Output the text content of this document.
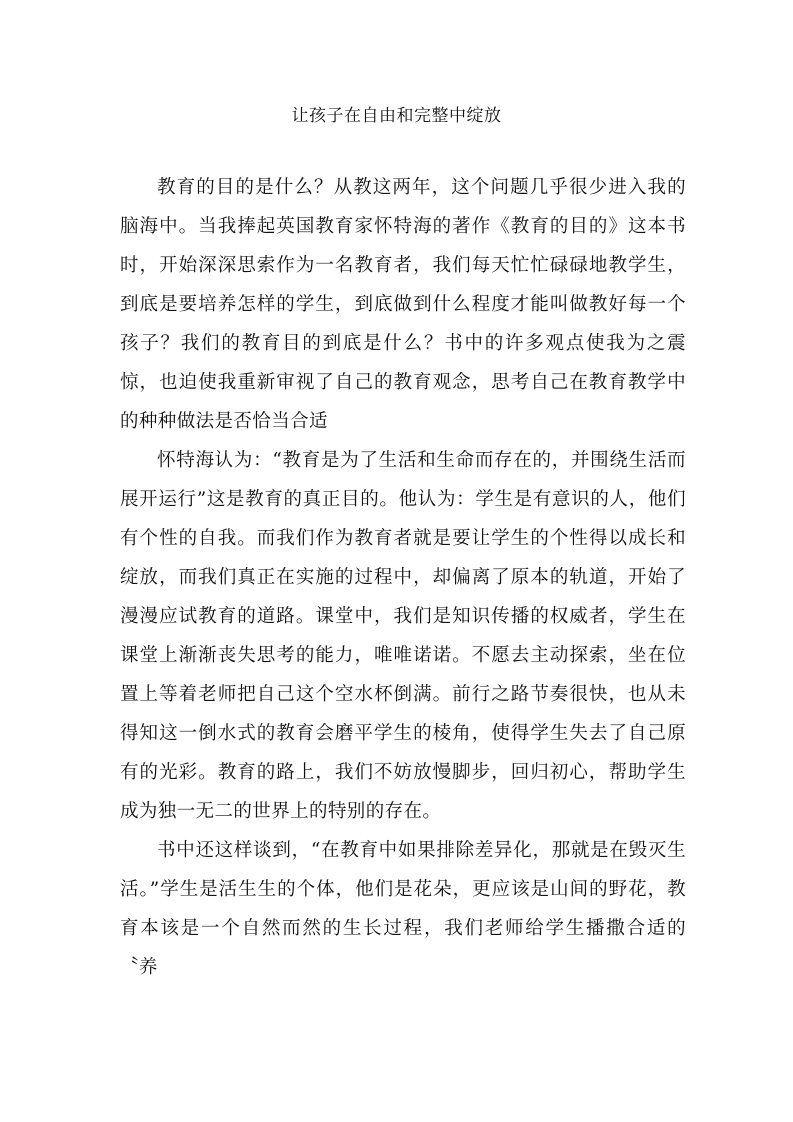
让孩子在自由和完整中绽放

教育的目的是什么？从教这两年，这个问题几乎很少进入我的脑海中。当我捧起英国教育家怀特海的著作《教育的目的》这本书时，开始深深思索作为一名教育者，我们每天忙忙碌碌地教学生，到底是要培养怎样的学生，到底做到什么程度才能叫做教好每一个孩子？我们的教育目的到底是什么？书中的许多观点使我为之震惊，也迫使我重新审视了自己的教育观念，思考自己在教育教学中的种种做法是否恰当合适

怀特海认为：“教育是为了生活和生命而存在的，并围绕生活而展开运行”这是教育的真正目的。他认为：学生是有意识的人，他们有个性的自我。而我们作为教育者就是要让学生的个性得以成长和绽放，而我们真正在实施的过程中，却偏离了原本的轨道，开始了漫漫应试教育的道路。课堂中，我们是知识传播的权威者，学生在课堂上渐渐丧失思考的能力，唯唯诺诺。不愿去主动探索，坐在位置上等着老师把自己这个空水杯倒满。前行之路节奏很快，也从未得知这一倒水式的教育会磨平学生的棱角，使得学生失去了自己原有的光彩。教育的路上，我们不妨放慢脚步，回归初心，帮助学生成为独一无二的世界上的特别的存在。

书中还这样谈到，“在教育中如果排除差异化，那就是在毁灭生活。”学生是活生生的个体，他们是花朵，更应该是山间的野花，教育本该是一个自然而然的生长过程，我们老师给学生播撒合适的〝养
